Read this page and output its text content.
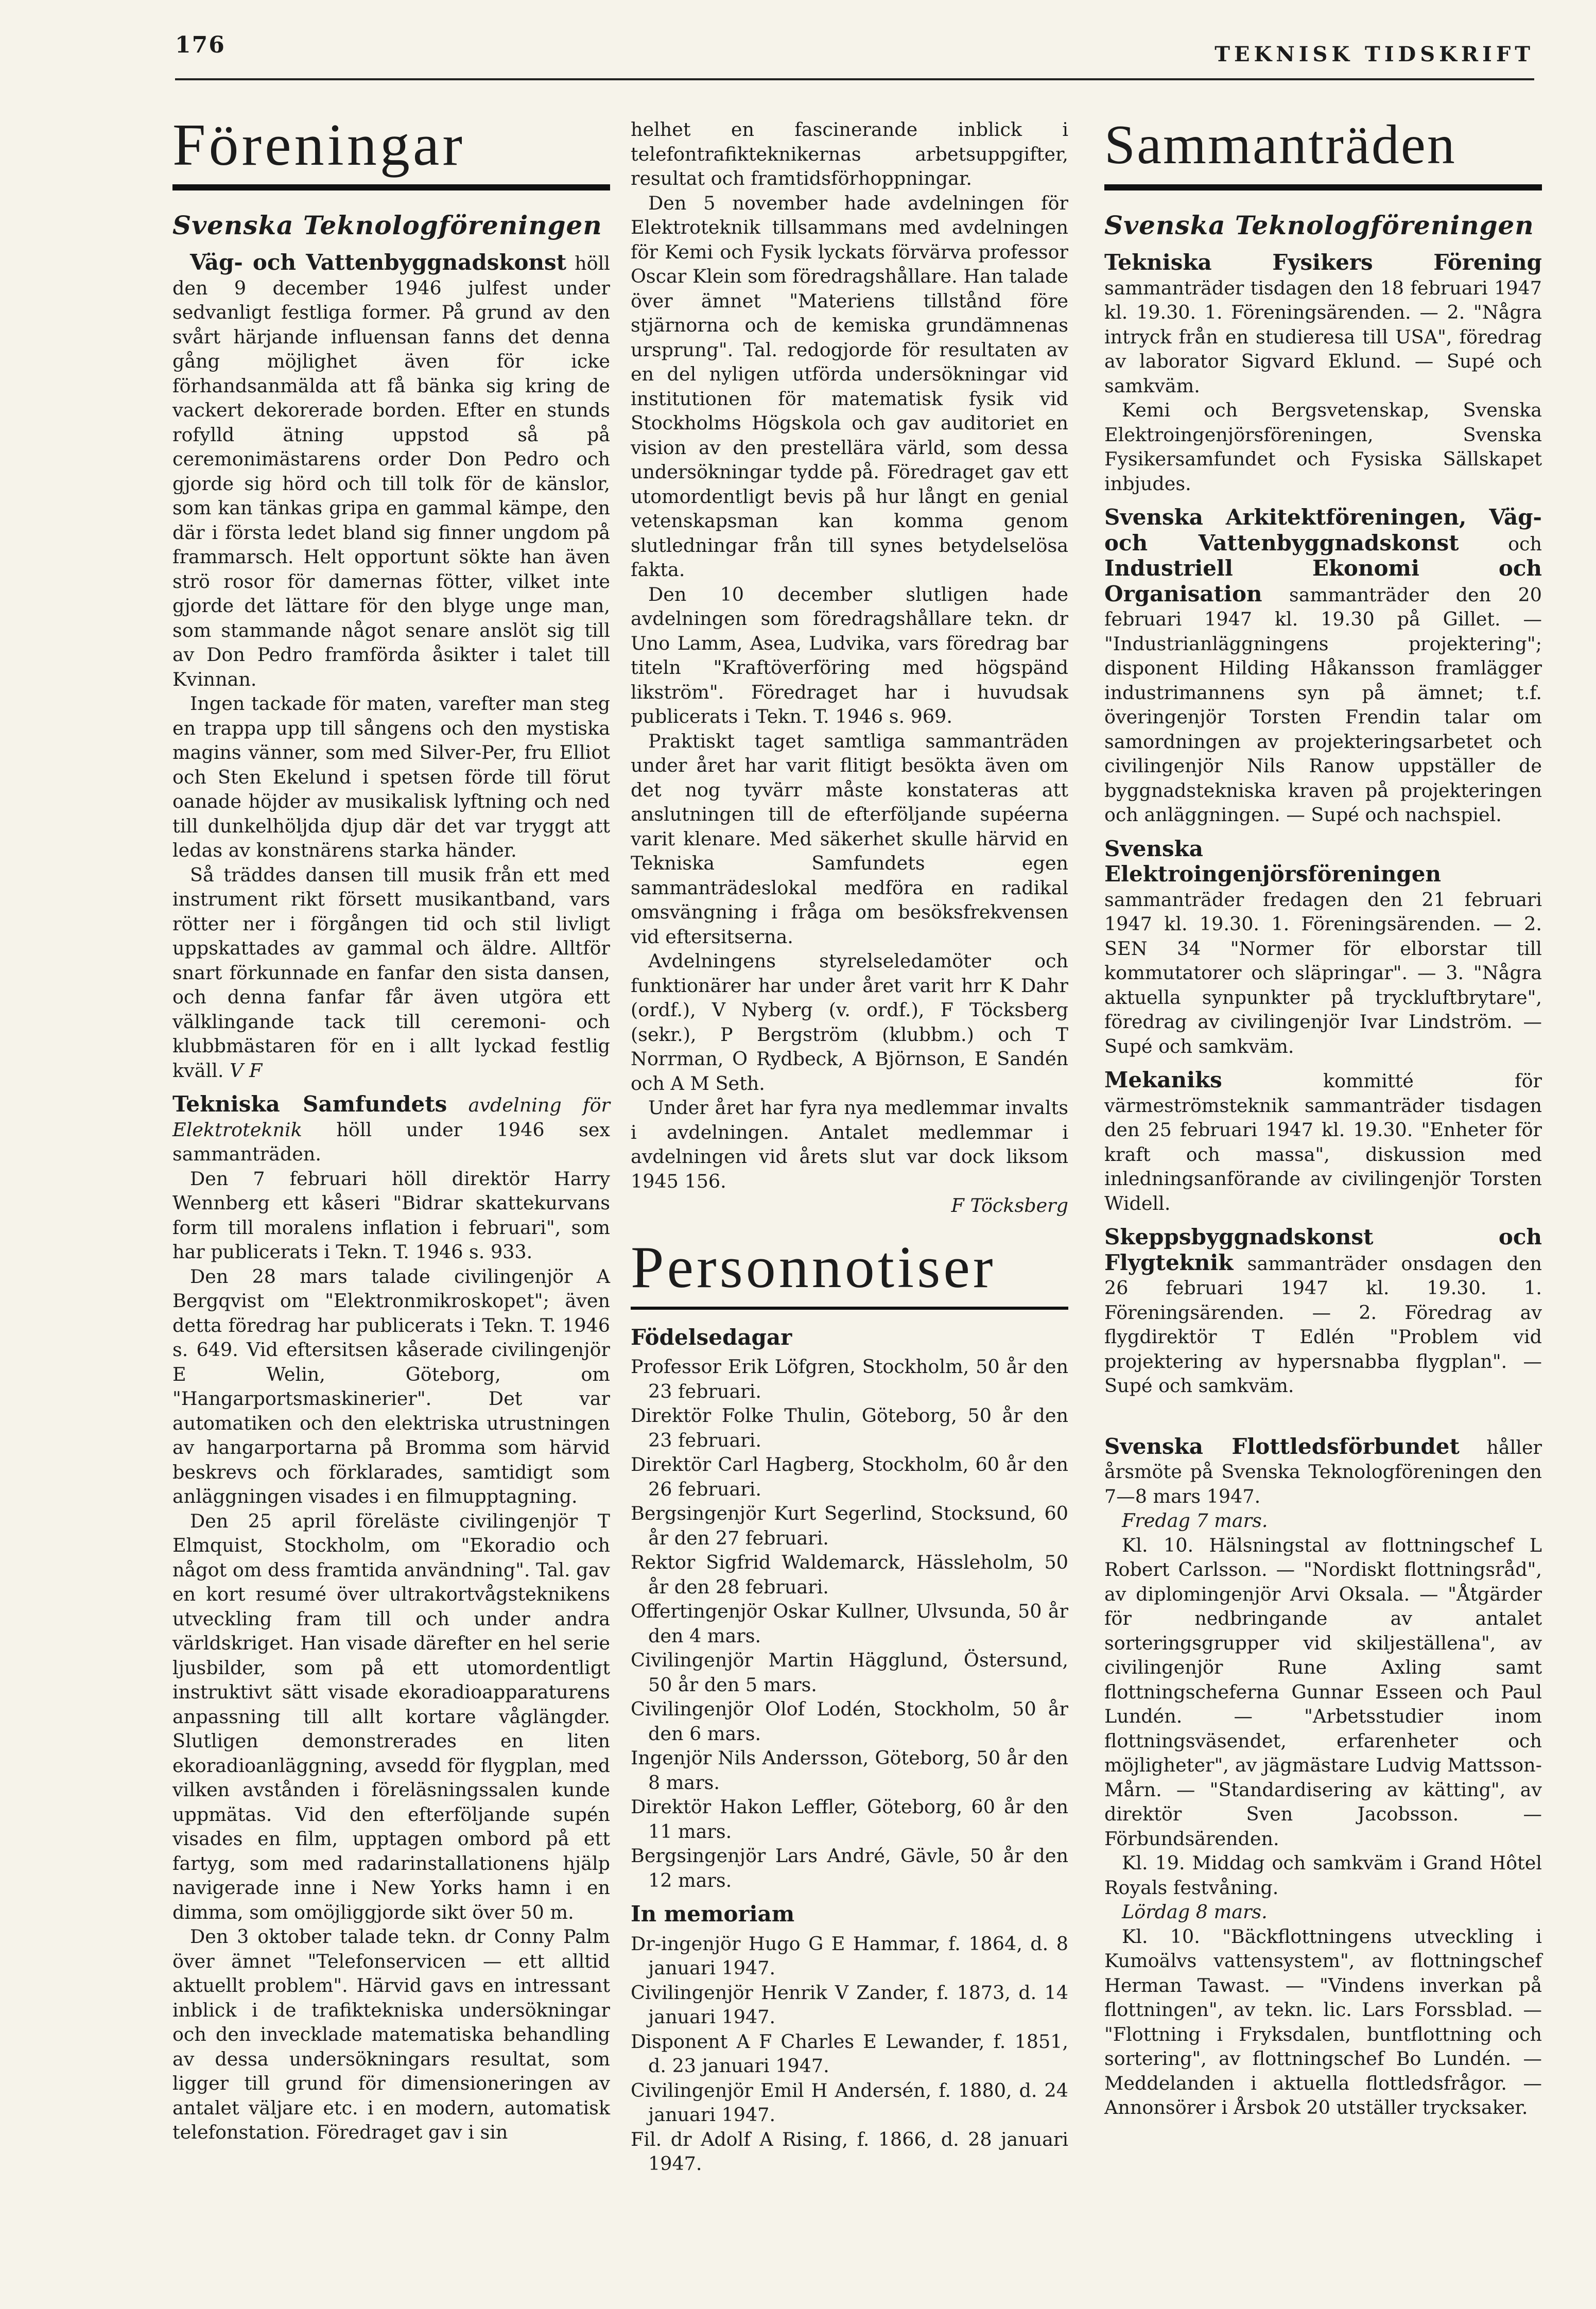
176	TEKNISK TIDSKRIFT
Föreningar
Svenska Teknologföreningen

Väg- och Vattenbyggnadskonst höll den 9 december 1946 julfest under sedvanligt festliga former. På grund av den svårt härjande influensan fanns det denna gång möjlighet även för icke förhandsanmälda att få bänka sig kring de vackert dekorerade borden. Efter en stunds rofylld ätning uppstod så på ceremonimästarens order Don Pedro och gjorde sig hörd och till tolk för de känslor, som kan tänkas gripa en gammal kämpe, den där i första ledet bland sig finner ungdom på frammarsch. Helt opportunt sökte han även strö rosor för damernas fötter, vilket inte gjorde det lättare för den blyge unge man, som stammande något senare anslöt sig till av Don Pedro framförda åsikter i talet till Kvinnan.

Ingen tackade för maten, varefter man steg en trappa upp till sångens och den mystiska magins vänner, som med Silver-Per, fru Elliot och Sten Ekelund i spetsen förde till förut oanade höjder av musikalisk lyftning och ned till dunkelhöljda djup där det var tryggt att ledas av konstnärens starka händer.

Så träddes dansen till musik från ett med instrument rikt försett musikantband, vars rötter ner i förgången tid och stil livligt uppskattades av gammal och äldre. Alltför snart förkunnade en fanfar den sista dansen, och denna fanfar får även utgöra ett välklingande tack till ceremoni- och klubbmästaren för en i allt lyckad festlig kväll. V F

Tekniska Samfundets avdelning för Elektroteknik höll under 1946 sex sammanträden.

Den 7 februari höll direktör Harry Wennberg ett kåseri "Bidrar skattekurvans form till moralens inflation i februari", som har publicerats i Tekn. T. 1946 s. 933.

Den 28 mars talade civilingenjör A Bergqvist om "Elektronmikroskopet"; även detta föredrag har publicerats i Tekn. T. 1946 s. 649. Vid eftersitsen kåserade civilingenjör E Welin, Göteborg, om "Hangarportsmaskinerier". Det var automatiken och den elektriska utrustningen av hangarportarna på Bromma som härvid beskrevs och förklarades, samtidigt som anläggningen visades i en filmupptagning.

Den 25 april föreläste civilingenjör T Elmquist, Stockholm, om "Ekoradio och något om dess framtida användning". Tal. gav en kort resumé över ultrakortvågsteknikens utveckling fram till och under andra världskriget. Han visade därefter en hel serie ljusbilder, som på ett utomordentligt instruktivt sätt visade ekoradioapparaturens anpassning till allt kortare våglängder. Slutligen demonstrerades en liten ekoradioanläggning, avsedd för flygplan, med vilken avstånden i föreläsningssalen kunde uppmätas. Vid den efterföljande supén visades en film, upptagen ombord på ett fartyg, som med radarinstallationens hjälp navigerade inne i New Yorks hamn i en dimma, som omöjliggjorde sikt över 50 m.

Den 3 oktober talade tekn. dr Conny Palm över ämnet "Telefonservicen — ett alltid aktuellt problem". Härvid gavs en intressant inblick i de trafiktekniska undersökningar och den invecklade matematiska behandling av dessa undersökningars resultat, som ligger till grund för dimensioneringen av antalet väljare etc. i en modern, automatisk telefonstation. Föredraget gav i sin

helhet en fascinerande inblick i telefontrafikteknikernas arbetsuppgifter, resultat och framtidsförhoppningar.

Den 5 november hade avdelningen för Elektroteknik tillsammans med avdelningen för Kemi och Fysik lyckats förvärva professor Oscar Klein som föredragshållare. Han talade över ämnet "Materiens tillstånd före stjärnorna och de kemiska grundämnenas ursprung". Tal. redogjorde för resultaten av en del nyligen utförda undersökningar vid institutionen för matematisk fysik vid Stockholms Högskola och gav auditoriet en vision av den prestellära värld, som dessa undersökningar tydde på. Föredraget gav ett utomordentligt bevis på hur långt en genial vetenskapsman kan komma genom slutledningar från till synes betydelselösa fakta.

Den 10 december slutligen hade avdelningen som föredragshållare tekn. dr Uno Lamm, Asea, Ludvika, vars föredrag bar titeln "Kraftöverföring med högspänd likström". Föredraget har i huvudsak publicerats i Tekn. T. 1946 s. 969.

Praktiskt taget samtliga sammanträden under året har varit flitigt besökta även om det nog tyvärr måste konstateras att anslutningen till de efterföljande supéerna varit klenare. Med säkerhet skulle härvid en Tekniska Samfundets egen sammanträdeslokal medföra en radikal omsvängning i fråga om besöksfrekvensen vid eftersitserna.

Avdelningens styrelseledamöter och funktionärer har under året varit hrr K Dahr (ordf.), V Nyberg (v. ordf.), F Töcksberg (sekr.), P Bergström (klubbm.) och T Norrman, O Rydbeck, A Björnson, E Sandén och A M Seth.

Under året har fyra nya medlemmar invalts i avdelningen. Antalet medlemmar i avdelningen vid årets slut var dock liksom 1945 156.

F Töcksberg
Personnotiser
Födelsedagar

Professor Erik Löfgren, Stockholm, 50 år den 23 februari.

Direktör Folke Thulin, Göteborg, 50 år den 23 februari.

Direktör Carl Hagberg, Stockholm, 60 år den 26 februari.

Bergsingenjör Kurt Segerlind, Stocksund, 60 år den 27 februari.

Rektor Sigfrid Waldemarck, Hässleholm, 50 år den 28 februari.

Offertingenjör Oskar Kullner, Ulvsunda, 50 år den 4 mars.

Civilingenjör Martin Hägglund, Östersund, 50 år den 5 mars.

Civilingenjör Olof Lodén, Stockholm, 50 år den 6 mars.

Ingenjör Nils Andersson, Göteborg, 50 år den 8 mars.

Direktör Hakon Leffler, Göteborg, 60 år den 11 mars.

Bergsingenjör Lars André, Gävle, 50 år den 12 mars.

In memoriam

Dr-ingenjör Hugo G E Hammar, f. 1864, d. 8 januari 1947.

Civilingenjör Henrik V Zander, f. 1873, d. 14 januari 1947.

Disponent A F Charles E Lewander, f. 1851, d. 23 januari 1947.

Civilingenjör Emil H Andersén, f. 1880, d. 24 januari 1947.

Fil. dr Adolf A Rising, f. 1866, d. 28 januari 1947.

Sammanträden
Svenska Teknologföreningen

Tekniska Fysikers Förening sammanträder tisdagen den 18 februari 1947 kl. 19.30. 1. Föreningsärenden. — 2. "Några intryck från en studieresa till USA", föredrag av laborator Sigvard Eklund. — Supé och samkväm.

Kemi och Bergsvetenskap, Svenska Elektroingenjörsföreningen, Svenska Fysikersamfundet och Fysiska Sällskapet inbjudes.

Svenska Arkitektföreningen, Väg- och Vattenbyggnadskonst	och Industriell Ekonomi och Organisation sammanträder den 20 februari 1947 kl. 19.30 på Gillet. — "Industrianläggningens projektering"; disponent Hilding Håkansson framlägger industrimannens syn på ämnet; t.f. överingenjör Torsten Frendin talar om samordningen av projekteringsarbetet och civilingenjör Nils Ranow uppställer de byggnadstekniska kraven på projekteringen och anläggningen. — Supé och nachspiel.

Svenska Elektroingenjörsföreningen sammanträder fredagen den 21 februari 1947 kl. 19.30. 1. Föreningsärenden. — 2. SEN 34 "Normer för elborstar till kommutatorer och släpringar". — 3. "Några aktuella synpunkter på tryckluftbrytare", föredrag av civilingenjör Ivar Lindström. — Supé och samkväm.

Mekaniks	kommitté för värmeströmsteknik sammanträder tisdagen den 25 februari 1947 kl. 19.30. "Enheter för kraft och massa", diskussion med inledningsanförande av civilingenjör Torsten Widell.

Skeppsbyggnadskonst och Flygteknik sammanträder onsdagen den 26 februari 1947 kl. 19.30. 1. Föreningsärenden. — 2. Föredrag av flygdirektör T Edlén "Problem vid projektering av hypersnabba flygplan". — Supé och samkväm.

Svenska Flottledsförbundet håller årsmöte på Svenska Teknologföreningen den 7—8 mars 1947.

Fredag 7 mars.

Kl. 10. Hälsningstal av flottningschef L Robert Carlsson. — "Nordiskt flottningsråd", av diplomingenjör Arvi Oksala. — "Åtgärder för nedbringande av antalet sorteringsgrupper vid skiljeställena", av civilingenjör Rune Axling samt flottningscheferna Gunnar Esseen och Paul Lundén. — "Arbetsstudier inom flottningsväsendet, erfarenheter och möjligheter", av jägmästare Ludvig Mattsson-Mårn. — "Standardisering av kätting", av direktör Sven Jacobsson. — Förbundsärenden.

Kl. 19. Middag och samkväm i Grand Hôtel Royals festvåning.

Lördag 8 mars.

Kl. 10. "Bäckflottningens utveckling i Kumoälvs vattensystem", av flottningschef Herman Tawast. — "Vindens inverkan på flottningen", av tekn. lic. Lars Forssblad. — "Flottning i Fryksdalen, buntflottning och sortering", av flottningschef Bo Lundén. — Meddelanden i aktuella flottledsfrågor. — Annonsörer i Årsbok 20 utställer trycksaker.
